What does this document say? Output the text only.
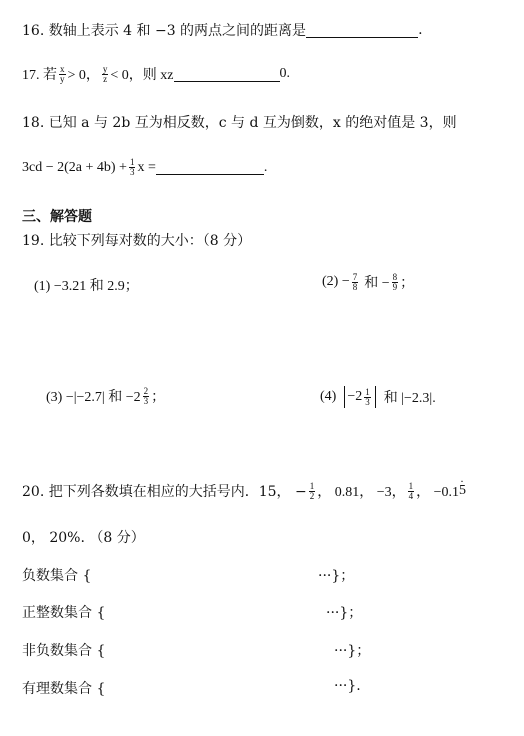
16. 数轴上表示 4 和 −3 的两点之间的距离是	.
17. 若 $\frac{x}{y} > 0$， $\frac{y}{z} < 0$，则 xz	0.
18. 已知 a 与 2b 互为相反数，c 与 d 互为倒数，x 的绝对值是 3，则
$3cd - 2(2a + 4b) + \frac{1}{3}$ x =	.
三、解答题
19. 比较下列每对数的大小：（8 分）
(1) −3.21 和 2.9；	$(2) - \frac{7}{8}$ 和 − $\frac{8}{9}$ ；
(3) −|−2.7| 和 $-2 \frac{2}{3}$ ；	$(4) -2 \frac{1}{3}$ 和 |−2.3|.
20. 把下列各数填在相应的大括号内．15， − $\frac{1}{2}$ ， 0.81， −3， $\frac{1}{4}$ ， −0.1
· 5
0， 20%. （8 分）
负数集合 {	···}；
正整数集合 {	···}；
非负数集合 {	···}；
有理数集合 {	···}.
